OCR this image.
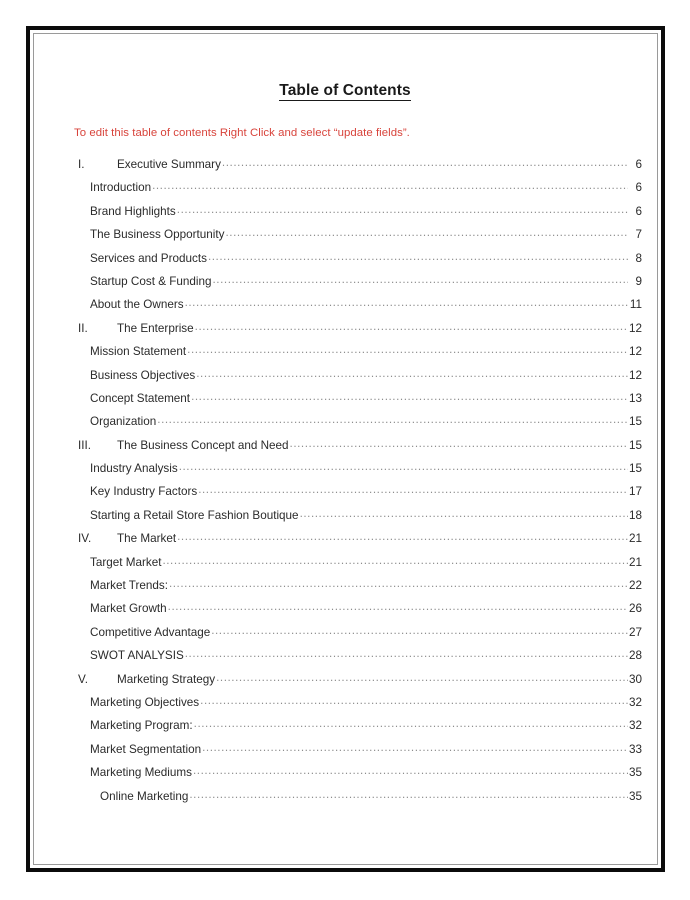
Table of Contents

To edit this table of contents Right Click and select “update fields”.

I.	Executive Summary .....	6
Introduction .....	6
Brand Highlights .....	6
The Business Opportunity .....	7
Services and Products .....	8
Startup Cost & Funding .....	9
About the Owners .....	11
II.	The Enterprise .....	12
Mission Statement .....	12
Business Objectives .....	12
Concept Statement .....	13
Organization .....	15
III.	The Business Concept and Need .....	15
Industry Analysis .....	15
Key Industry Factors .....	17
Starting a Retail Store Fashion Boutique .....	18
IV.	The Market .....	21
Target Market .....	21
Market Trends: .....	22
Market Growth .....	26
Competitive Advantage .....	27
SWOT ANALYSIS .....	28
V.	Marketing Strategy .....	30
Marketing Objectives .....	32
Marketing Program: .....	32
Market Segmentation .....	33
Marketing Mediums .....	35
Online Marketing .....	35
